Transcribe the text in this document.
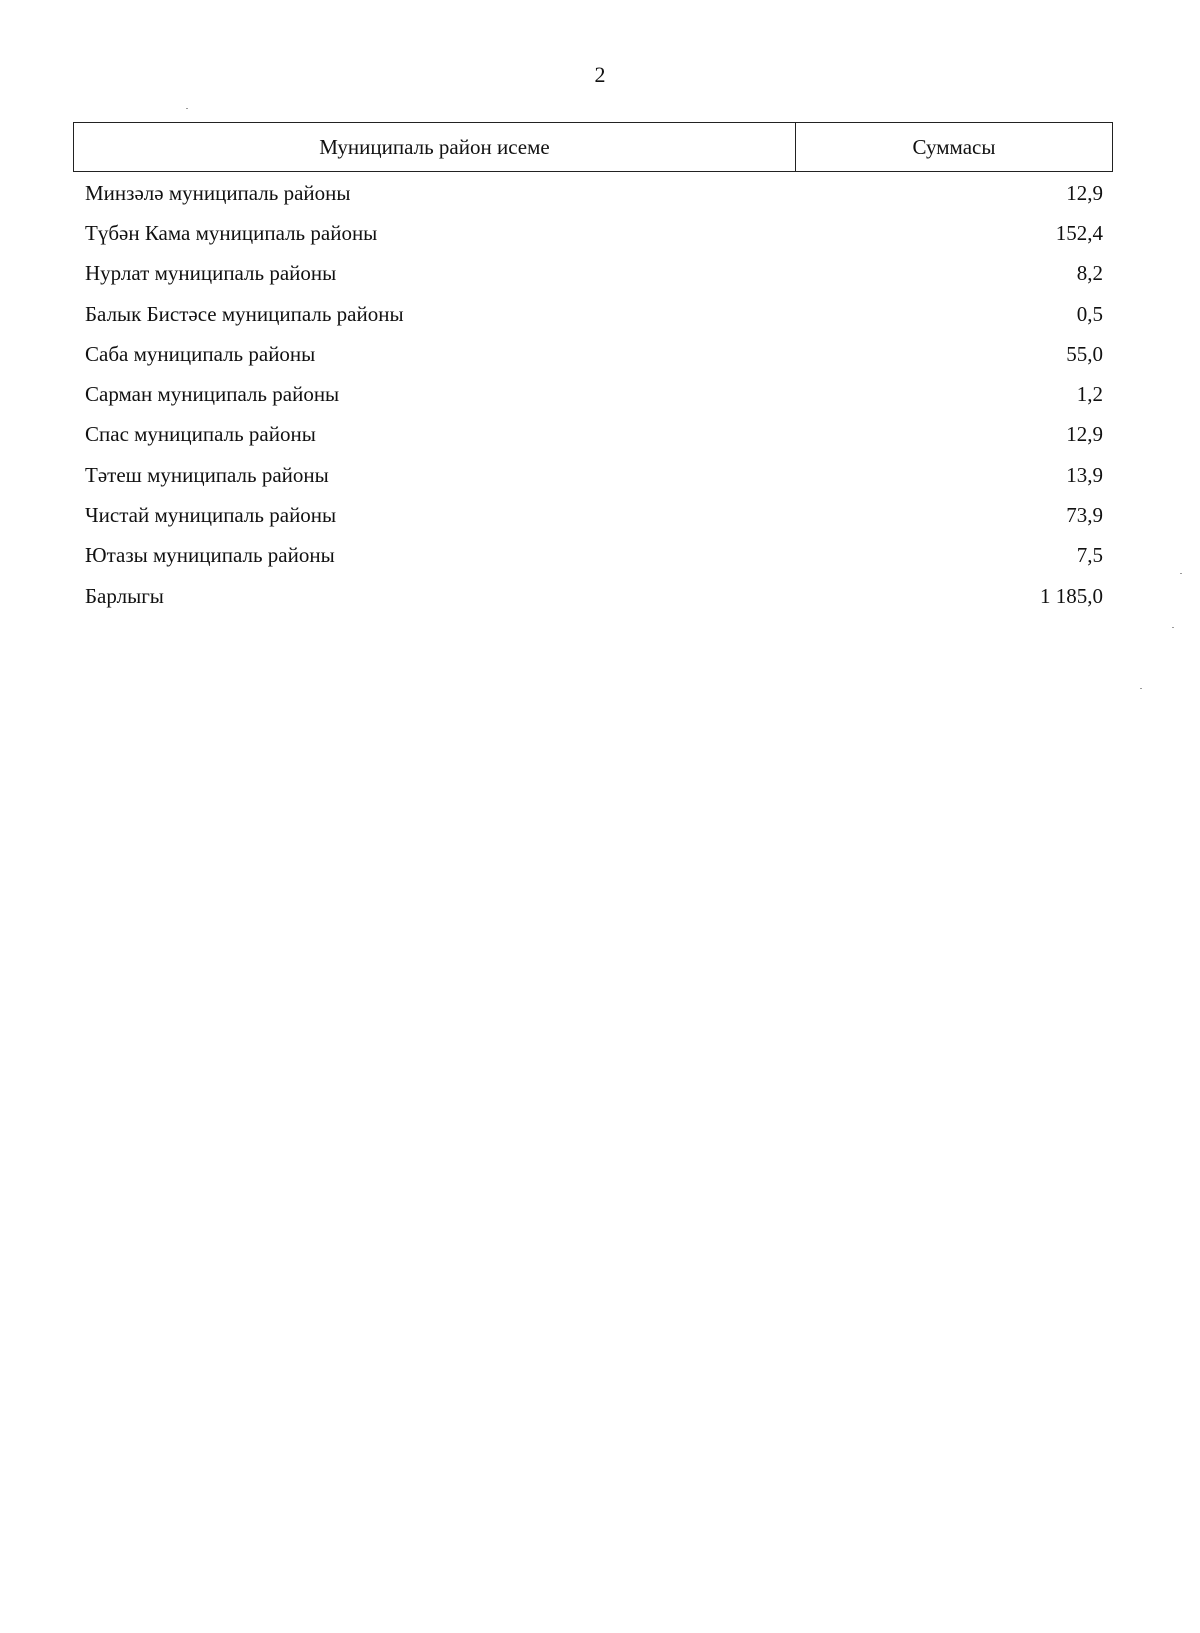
2
Муниципаль район исеме	Суммасы
Минзәлә муниципаль районы	12,9
Түбән Кама муниципаль районы	152,4
Нурлат муниципаль районы	8,2
Балык Бистәсе муниципаль районы	0,5
Саба муниципаль районы	55,0
Сарман муниципаль районы	1,2
Спас муниципаль районы	12,9
Тәтеш муниципаль районы	13,9
Чистай муниципаль районы	73,9
Ютазы муниципаль районы	7,5
Барлыгы	1 185,0
